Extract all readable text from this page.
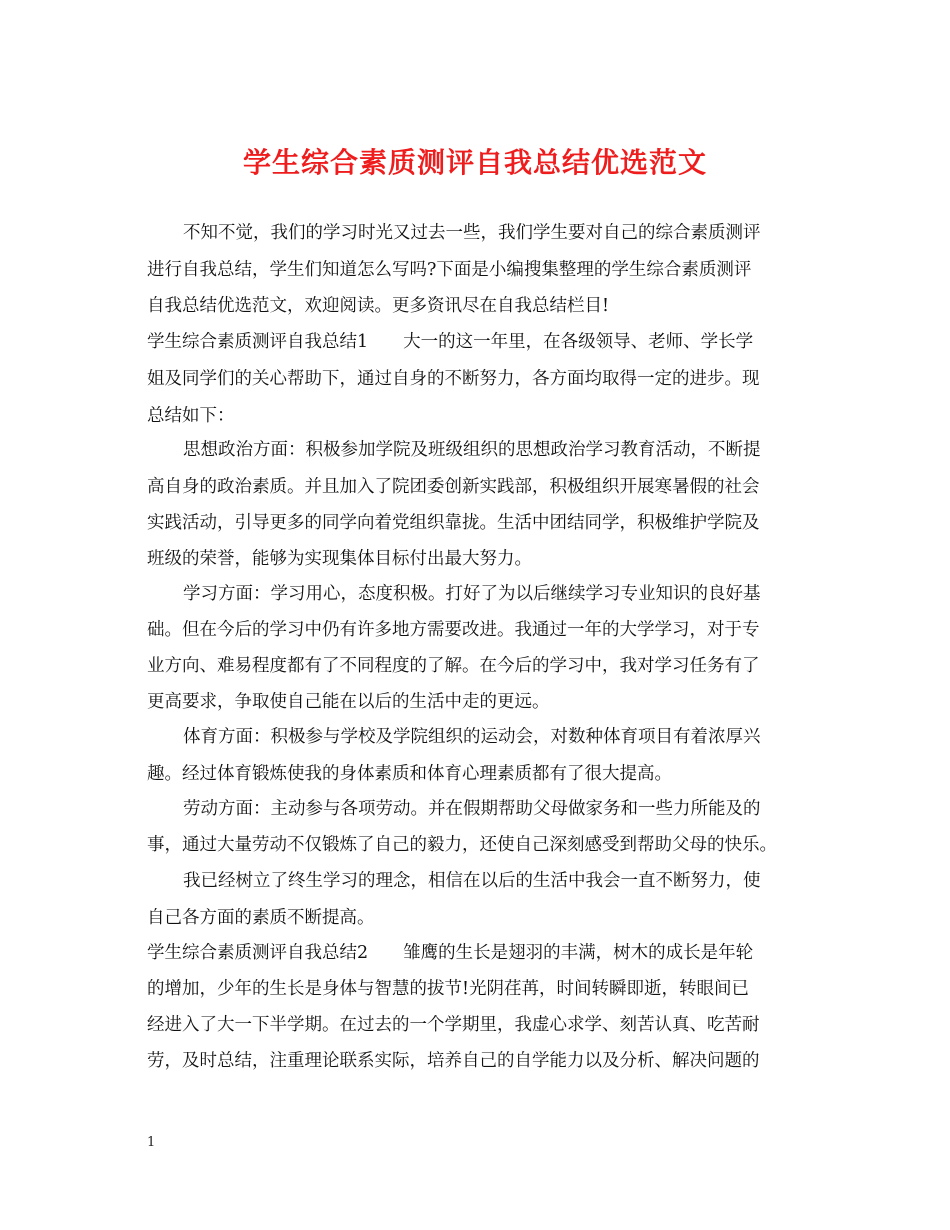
学生综合素质测评自我总结优选范文
不知不觉，我们的学习时光又过去一些，我们学生要对自己的综合素质测评
进行自我总结，学生们知道怎么写吗?下面是小编搜集整理的学生综合素质测评
自我总结优选范文，欢迎阅读。更多资讯尽在自我总结栏目!
学生综合素质测评自我总结1　　大一的这一年里，在各级领导、老师、学长学
姐及同学们的关心帮助下，通过自身的不断努力，各方面均取得一定的进步。现
总结如下：
思想政治方面：积极参加学院及班级组织的思想政治学习教育活动，不断提
高自身的政治素质。并且加入了院团委创新实践部，积极组织开展寒暑假的社会
实践活动，引导更多的同学向着党组织靠拢。生活中团结同学，积极维护学院及
班级的荣誉，能够为实现集体目标付出最大努力。
学习方面：学习用心，态度积极。打好了为以后继续学习专业知识的良好基
础。但在今后的学习中仍有许多地方需要改进。我通过一年的大学学习，对于专
业方向、难易程度都有了不同程度的了解。在今后的学习中，我对学习任务有了
更高要求，争取使自己能在以后的生活中走的更远。
体育方面：积极参与学校及学院组织的运动会，对数种体育项目有着浓厚兴
趣。经过体育锻炼使我的身体素质和体育心理素质都有了很大提高。
劳动方面：主动参与各项劳动。并在假期帮助父母做家务和一些力所能及的
事，通过大量劳动不仅锻炼了自己的毅力，还使自己深刻感受到帮助父母的快乐。
我已经树立了终生学习的理念，相信在以后的生活中我会一直不断努力，使
自己各方面的素质不断提高。
学生综合素质测评自我总结2　　雏鹰的生长是翅羽的丰满，树木的成长是年轮
的增加，少年的生长是身体与智慧的拔节!光阴荏苒，时间转瞬即逝，转眼间已
经进入了大一下半学期。在过去的一个学期里，我虚心求学、刻苦认真、吃苦耐
劳，及时总结，注重理论联系实际，培养自己的自学能力以及分析、解决问题的
1
